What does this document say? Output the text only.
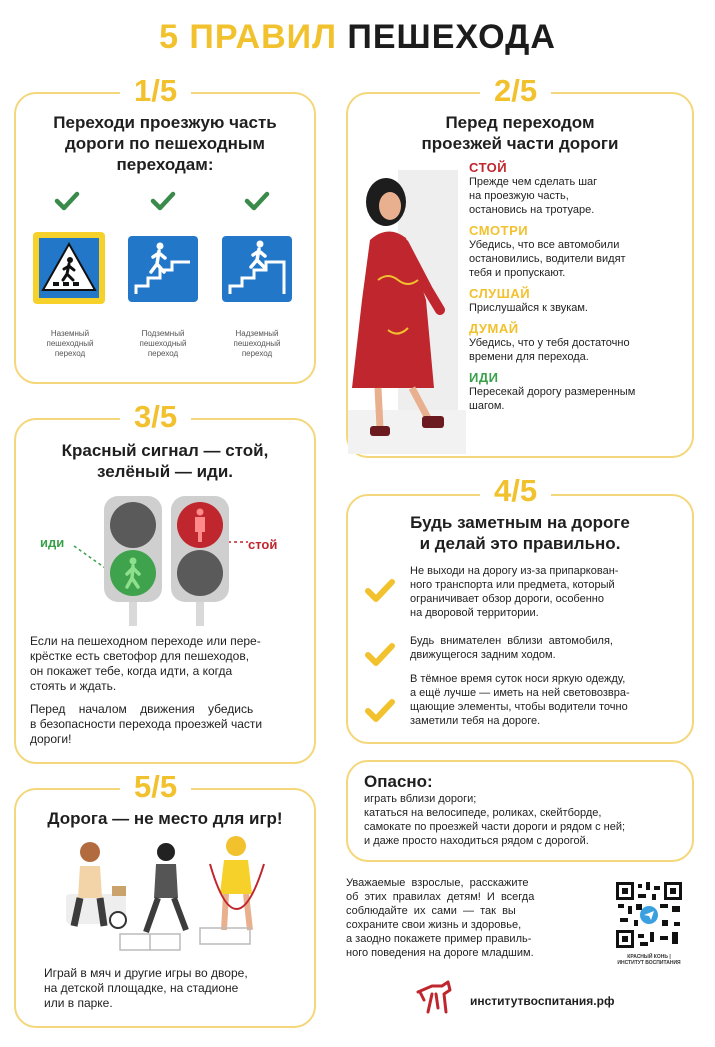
5 ПРАВИЛ ПЕШЕХОДА
1/5
Переходи проезжую часть
дороги по пешеходным
переходам:
Наземный
пешеходный
переход
Подземный
пешеходный
переход
Надземный
пешеходный
переход
2/5
Перед переходом
проезжей части дороги
СТОЙ
Прежде чем сделать шаг
на проезжую часть,
остановись на тротуаре.
СМОТРИ
Убедись, что все автомобили
остановились, водители видят
тебя и пропускают.
СЛУШАЙ
Прислушайся к звукам.
ДУМАЙ
Убедись, что у тебя достаточно
времени для перехода.
ИДИ
Пересекай дорогу размеренным
шагом.
3/5
Красный сигнал — стой,
зелёный — иди.
иди	стой
Если на пешеходном переходе или пере-
крёстке есть светофор для пешеходов,
он покажет тебе, когда идти, а когда
стоять и ждать.
Перед    началом    движения    убедись
в безопасности перехода проезжей части
дороги!
4/5
Будь заметным на дороге
и делай это правильно.
Не выходи на дорогу из-за припаркован-
ного транспорта или предмета, который
ограничивает обзор дороги, особенно
на дворовой территории.
Будь  внимателен  вблизи  автомобиля,
движущегося задним ходом.
В тёмное время суток носи яркую одежду,
а ещё лучше — иметь на ней световозвра-
щающие элементы, чтобы водители точно
заметили тебя на дороге.
Опасно:
играть вблизи дороги;
кататься на велосипеде, роликах, скейтборде,
самокате по проезжей части дороги и рядом с ней;
и даже просто находиться рядом с дорогой.
5/5
Дорога — не место для игр!
Играй в мяч и другие игры во дворе,
на детской площадке, на стадионе
или в парке.
Уважаемые  взрослые,  расскажите
об  этих  правилах  детям!  И  всегда
соблюдайте  их  сами  —  так  вы
сохраните свои жизнь и здоровье,
а заодно покажете пример правиль-
ного поведения на дороге младшим.	КРАСНЫЙ КОНЬ |
ИНСТИТУТ ВОСПИТАНИЯ
институтвоспитания.рф
